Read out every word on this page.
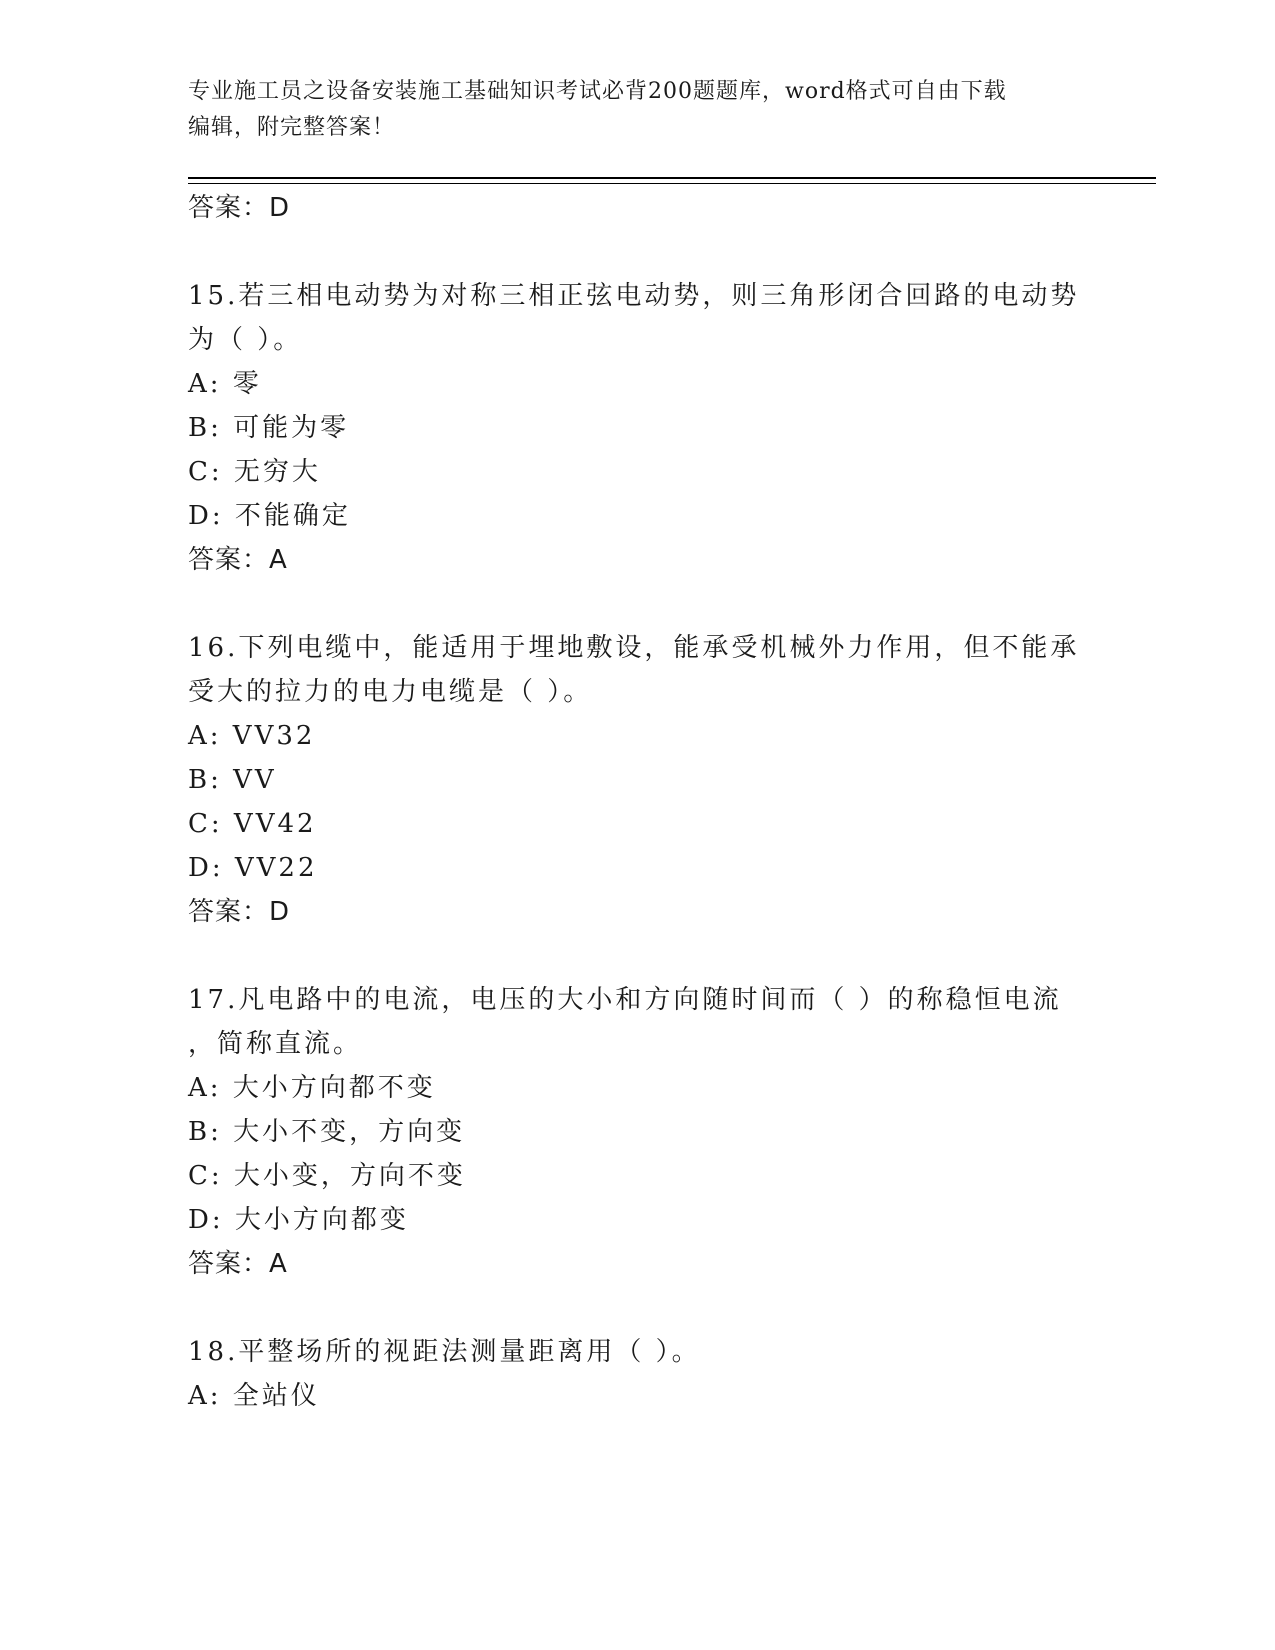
专业施工员之设备安装施工基础知识考试必背200题题库，word格式可自由下载
编辑，附完整答案！
答案：D
15.若三相电动势为对称三相正弦电动势，则三角形闭合回路的电动势
为（ ）。
A: 零
B: 可能为零
C: 无穷大
D: 不能确定
答案：A
16.下列电缆中，能适用于埋地敷设，能承受机械外力作用，但不能承
受大的拉力的电力电缆是（ ）。
A: VV32
B: VV
C: VV42
D: VV22
答案：D
17.凡电路中的电流，电压的大小和方向随时间而（ ）的称稳恒电流
，简称直流。
A: 大小方向都不变
B: 大小不变，方向变
C: 大小变，方向不变
D: 大小方向都变
答案：A
18.平整场所的视距法测量距离用（ ）。
A: 全站仪
